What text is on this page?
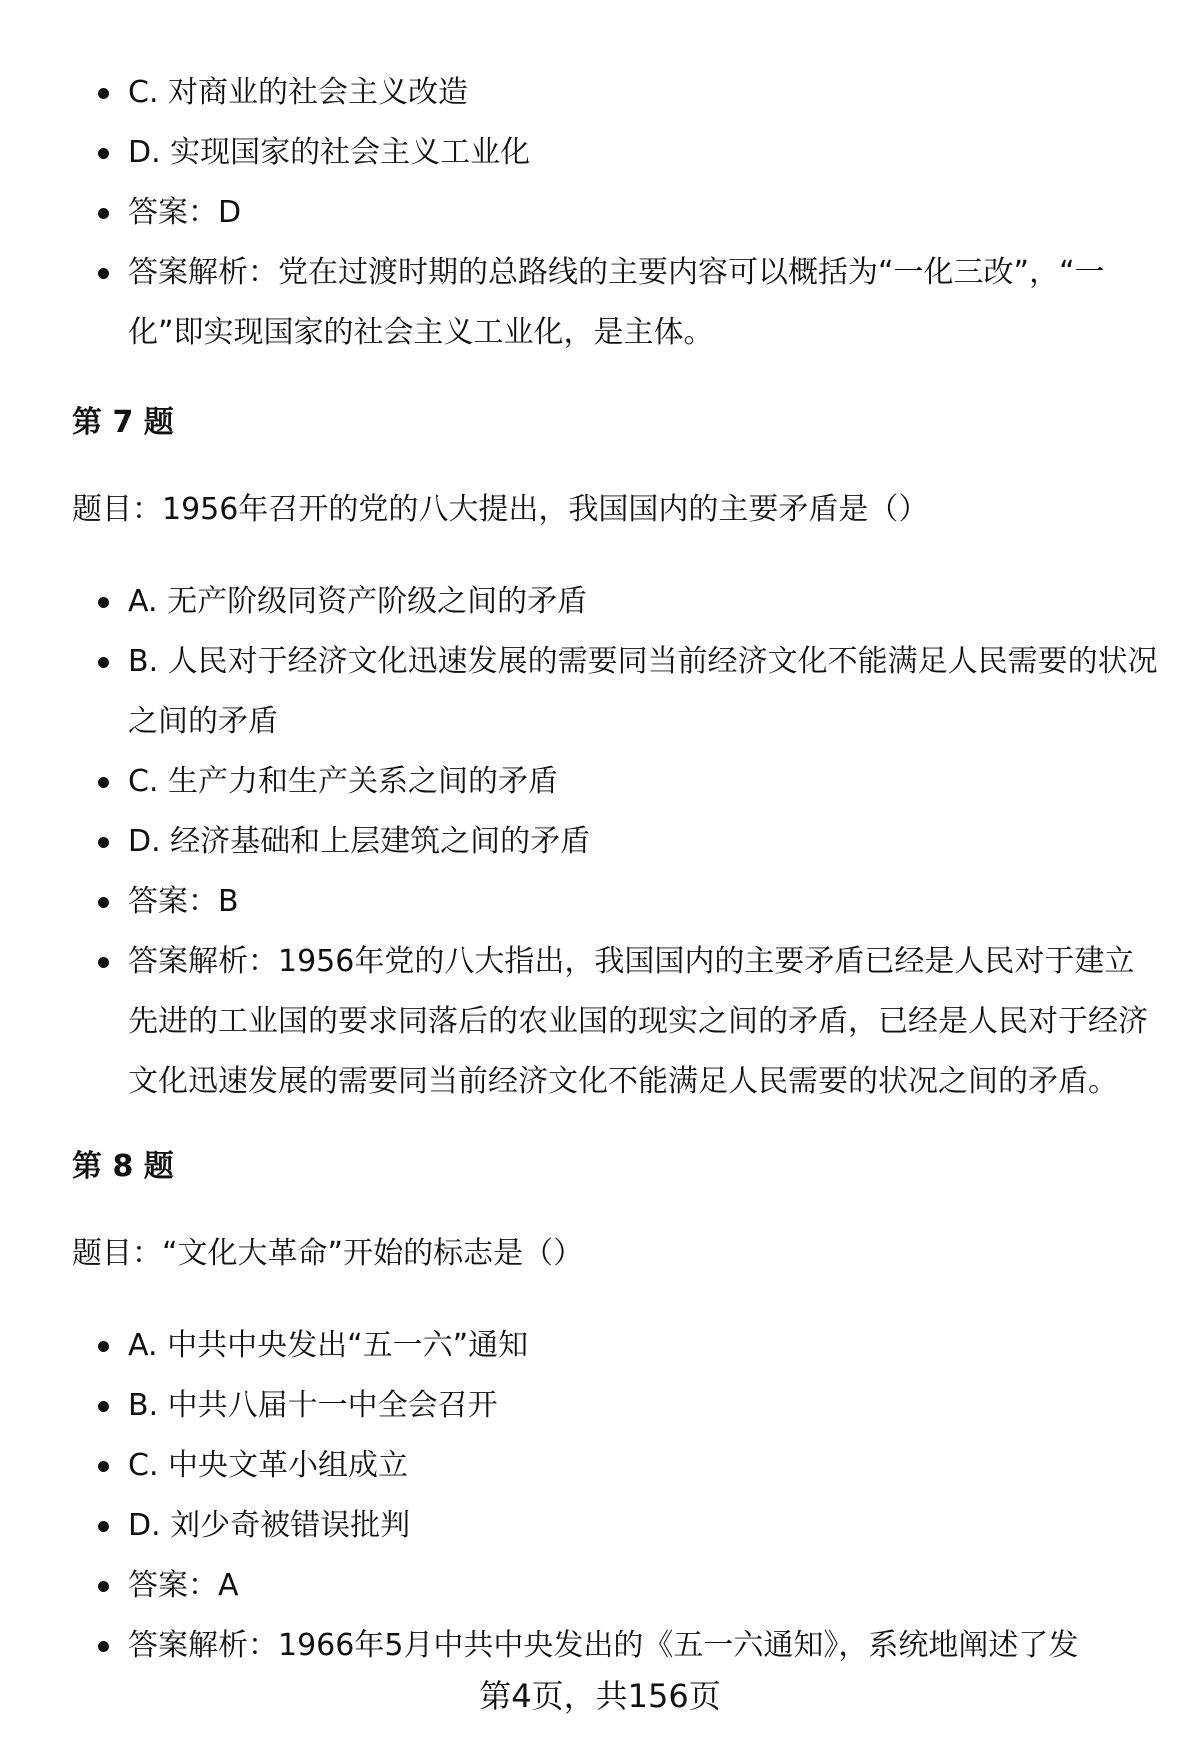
C. 对商业的社会主义改造
D. 实现国家的社会主义工业化
答案：D
答案解析：党在过渡时期的总路线的主要内容可以概括为“一化三改”，“一化”即实现国家的社会主义工业化，是主体。
第 7 题
题目：1956年召开的党的八大提出，我国国内的主要矛盾是（）
A. 无产阶级同资产阶级之间的矛盾
B. 人民对于经济文化迅速发展的需要同当前经济文化不能满足人民需要的状况之间的矛盾
C. 生产力和生产关系之间的矛盾
D. 经济基础和上层建筑之间的矛盾
答案：B
答案解析：1956年党的八大指出，我国国内的主要矛盾已经是人民对于建立先进的工业国的要求同落后的农业国的现实之间的矛盾，已经是人民对于经济文化迅速发展的需要同当前经济文化不能满足人民需要的状况之间的矛盾。
第 8 题
题目：“文化大革命”开始的标志是（）
A. 中共中央发出“五一六”通知
B. 中共八届十一中全会召开
C. 中央文革小组成立
D. 刘少奇被错误批判
答案：A
答案解析：1966年5月中共中央发出的《五一六通知》，系统地阐述了发
第4页，共156页
